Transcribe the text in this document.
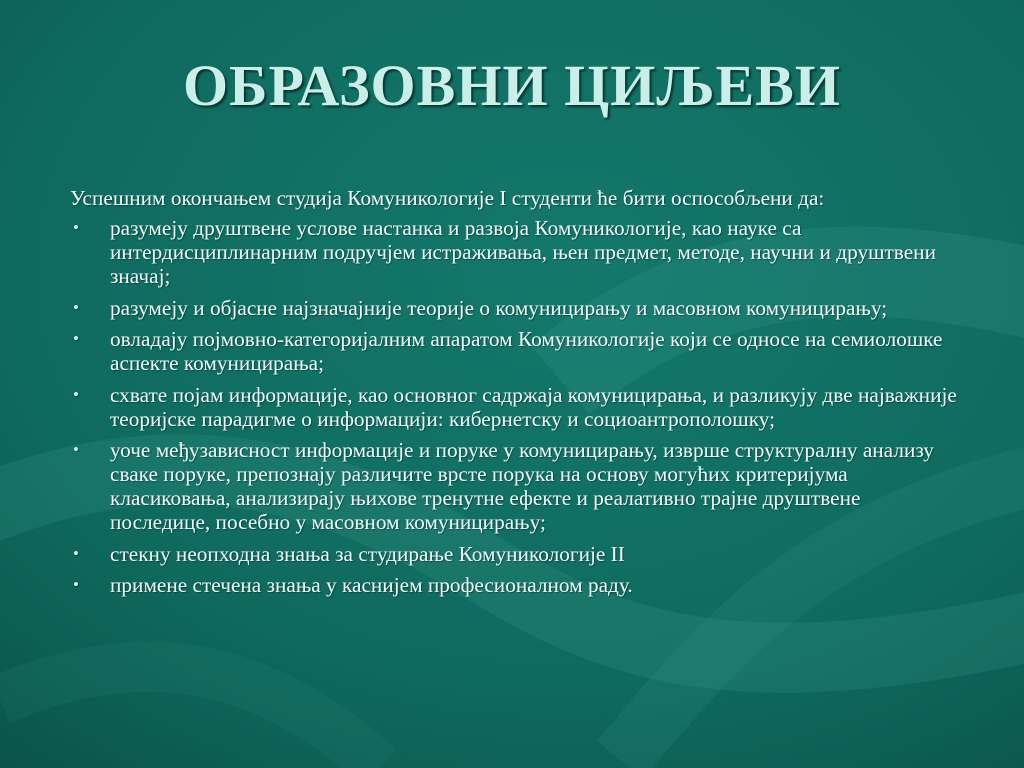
ОБРАЗОВНИ ЦИЉЕВИ

Успешним окончањем студија Комуникологије I студенти ће бити оспособљени да:

• разумеју друштвене услове настанка и развоја Комуникологије, као науке са интердисциплинарним подручјем истраживања, њен предмет, методе, научни и друштвени значај;
• разумеју и објасне најзначајније теорије о комуницирању и масовном комуницирању;
• овладају појмовно-категоријалним апаратом Комуникологије који се односе на семиолошке аспекте комуницирања;
• схвате појам информације, као основног садржаја комуницирања, и разликују две најважније теоријске парадигме о информацији: кибернетску и социоантрополошку;
• уоче међузависност информације и поруке у комуницирању, изврше структуралну анализу сваке поруке, препознају различите врсте порука на основу могућих критеријума класиковања, анализирају њихове тренутне ефекте и реалативно трајне друштвене последице, посебно у масовном комуницирању;
• стекну неопходна знања за студирање Комуникологије II
• примене стечена знања у каснијем професионалном раду.
